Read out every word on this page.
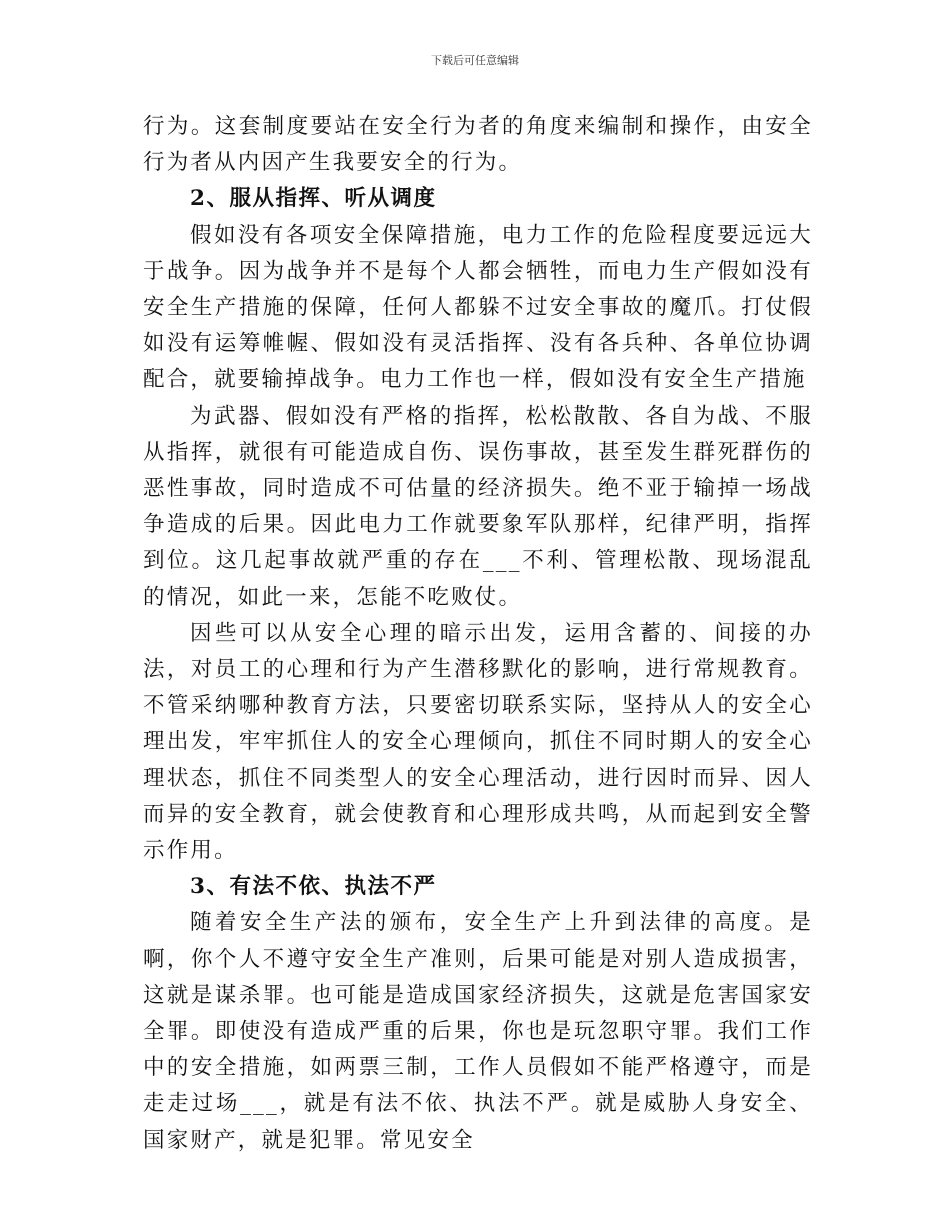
下载后可任意编辑

行为。这套制度要站在安全行为者的角度来编制和操作，由安全行为者从内因产生我要安全的行为。

2、服从指挥、听从调度

假如没有各项安全保障措施，电力工作的危险程度要远远大于战争。因为战争并不是每个人都会牺牲，而电力生产假如没有安全生产措施的保障，任何人都躲不过安全事故的魔爪。打仗假如没有运筹帷幄、假如没有灵活指挥、没有各兵种、各单位协调配合，就要输掉战争。电力工作也一样，假如没有安全生产措施

为武器、假如没有严格的指挥，松松散散、各自为战、不服从指挥，就很有可能造成自伤、误伤事故，甚至发生群死群伤的恶性事故，同时造成不可估量的经济损失。绝不亚于输掉一场战争造成的后果。因此电力工作就要象军队那样，纪律严明，指挥到位。这几起事故就严重的存在___不利、管理松散、现场混乱的情况，如此一来，怎能不吃败仗。

因些可以从安全心理的暗示出发，运用含蓄的、间接的办法，对员工的心理和行为产生潜移默化的影响，进行常规教育。不管采纳哪种教育方法，只要密切联系实际，坚持从人的安全心理出发，牢牢抓住人的安全心理倾向，抓住不同时期人的安全心理状态，抓住不同类型人的安全心理活动，进行因时而异、因人而异的安全教育，就会使教育和心理形成共鸣，从而起到安全警示作用。

3、有法不依、执法不严

随着安全生产法的颁布，安全生产上升到法律的高度。是啊，你个人不遵守安全生产准则，后果可能是对别人造成损害，这就是谋杀罪。也可能是造成国家经济损失，这就是危害国家安全罪。即使没有造成严重的后果，你也是玩忽职守罪。我们工作中的安全措施，如两票三制，工作人员假如不能严格遵守，而是走走过场___，就是有法不依、执法不严。就是威胁人身安全、国家财产，就是犯罪。常见安全
